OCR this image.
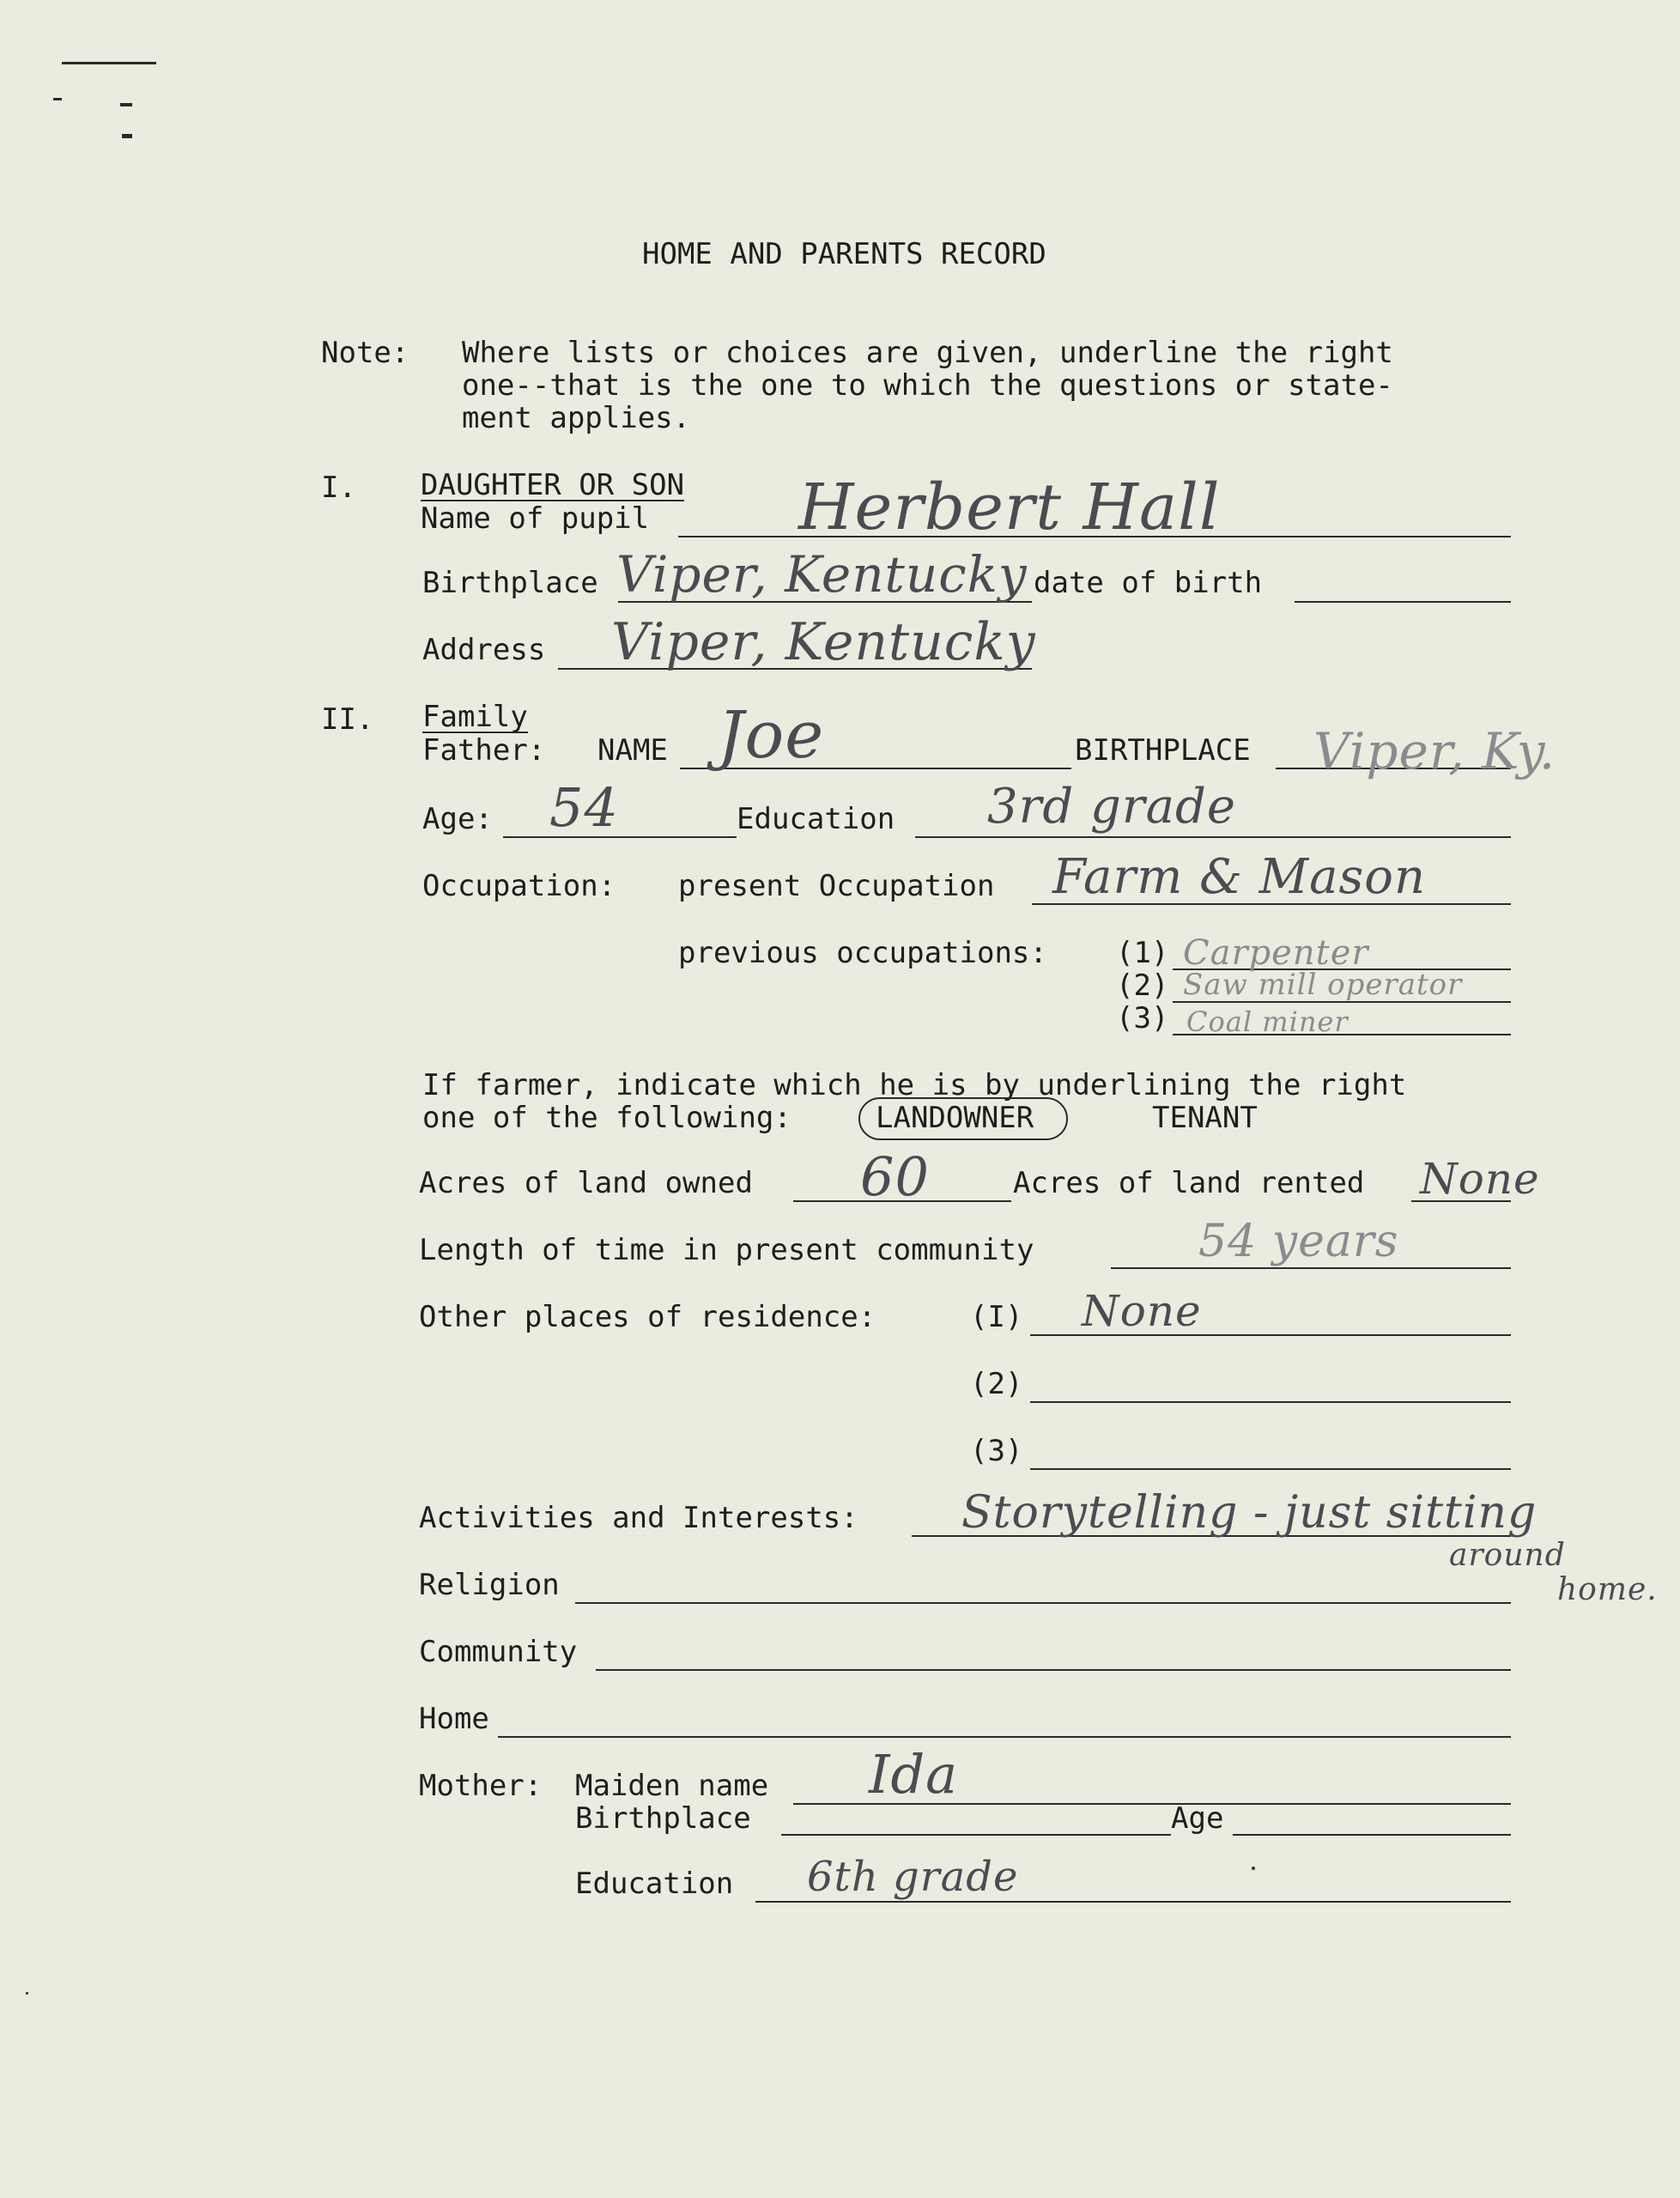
HOME AND PARENTS RECORD
Note: Where lists or choices are given, underline the right
one--that is the one to which the questions or state-
ment applies.
I. DAUGHTER OR SON
Name of pupil Herbert Hall
Birthplace Viper, Kentucky date of birth
Address Viper, Kentucky
II. Family
Father: NAME Joe	BIRTHPLACE Viper, Ky.
Age: 54	Education 3rd grade
Occupation: present Occupation Farm & Mason
previous occupations: (1) Carpenter
(2) Saw mill operator
(3) Coal miner
If farmer, indicate which he is by underlining the right
one of the following:	LANDOWNER	TENANT
Acres of land owned 60	Acres of land rented None
Length of time in present community	54 years
Other places of residence:	(I) None
(2)
(3)
Activities and Interests: Storytelling - just sitting
around
home.
Religion
Community
Home
Mother: Maiden name Ida
Birthplace	Age
Education 6th grade
